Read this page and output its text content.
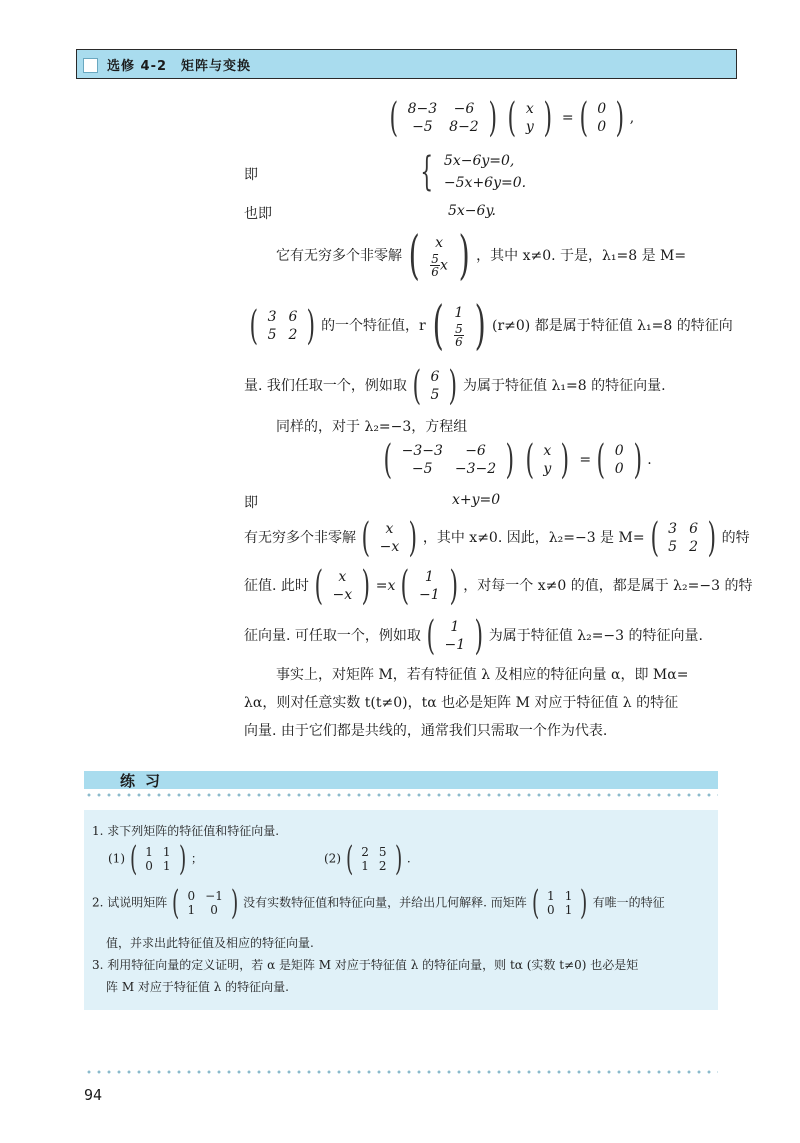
选修 4-2　矩阵与变换
( 8−3	−6
−5	8−2 ) ( x
y ) = ( 0
0 ) ,
即	{ 5x−6y=0,
−5x+6y=0.
也即	5x−6y.
它有无穷多个非零解 ( x

$\frac{5}{6}$ x ) ，其中 x≠0. 于是，λ₁=8 是 M=
( 3	6
5	2 ) 的一个特征值，r ( 1

$\frac{5}{6}$ ) (r≠0) 都是属于特征值 λ₁=8 的特征向
量. 我们任取一个，例如取 ( 6
5 ) 为属于特征值 λ₁=8 的特征向量.
同样的，对于 λ₂=−3，方程组
( −3−3	−6
−5	−3−2 ) ( x
y ) = ( 0
0 ) .
即	x+y=0
有无穷多个非零解 ( x
−x ) ，其中 x≠0. 因此，λ₂=−3 是 M= ( 3	6
5	2 ) 的特
征值. 此时 ( x
−x ) =x ( 1
−1 ) ，对每一个 x≠0 的值，都是属于 λ₂=−3 的特
征向量. 可任取一个，例如取 ( 1
−1 ) 为属于特征值 λ₂=−3 的特征向量.
事实上，对矩阵 M，若有特征值 λ 及相应的特征向量 α，即 Mα=
λα，则对任意实数 t(t≠0)，tα 也必是矩阵 M 对应于特征值 λ 的特征
向量. 由于它们都是共线的，通常我们只需取一个作为代表.
练习
1. 求下列矩阵的特征值和特征向量.
(1) ( 1	1
0	1 ) ；	(2) ( 2	5
1	2 ) .
2. 试说明矩阵 ( 0	−1
1	0 ) 没有实数特征值和特征向量，并给出几何解释. 而矩阵 ( 1	1
0	1 ) 有唯一的特征
值，并求出此特征值及相应的特征向量.
3. 利用特征向量的定义证明，若 α 是矩阵 M 对应于特征值 λ 的特征向量，则 tα (实数 t≠0) 也必是矩
阵 M 对应于特征值 λ 的特征向量.
94
